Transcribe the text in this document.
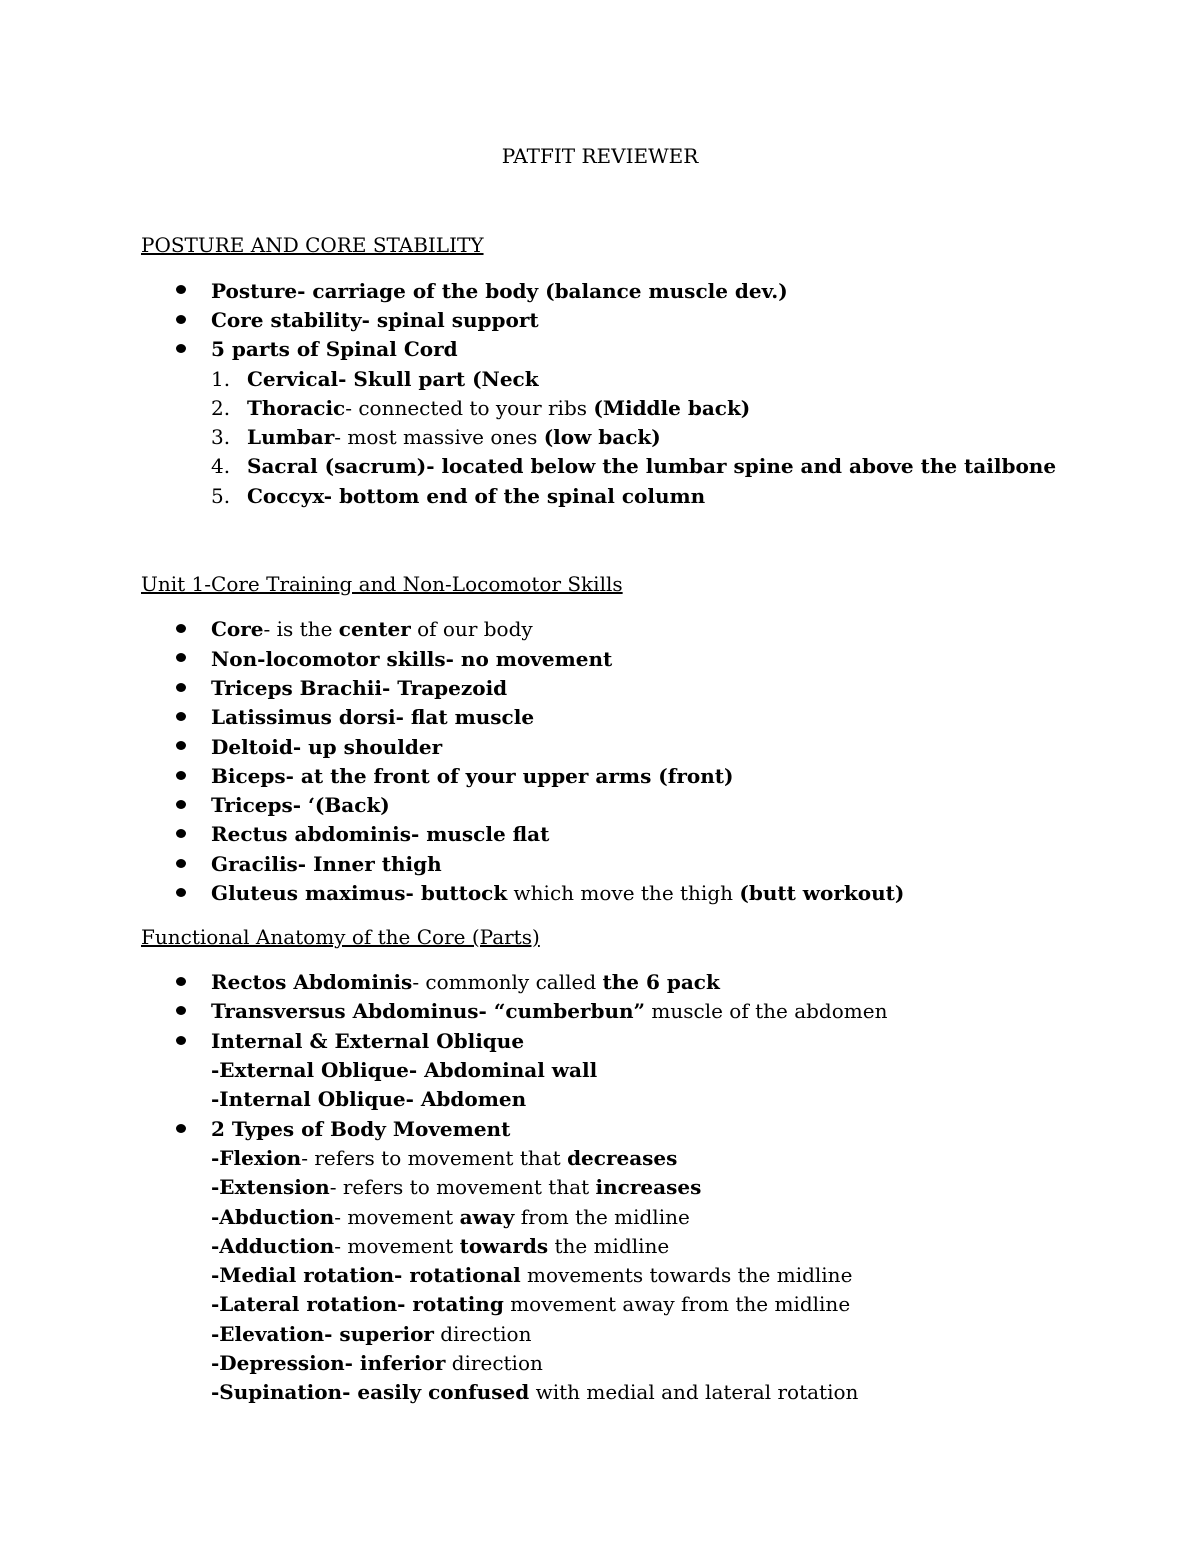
PATFIT REVIEWER
POSTURE AND CORE STABILITY
Posture- carriage of the body (balance muscle dev.)
Core stability- spinal support
5 parts of Spinal Cord
1. Cervical- Skull part (Neck
2. Thoracic- connected to your ribs (Middle back)
3. Lumbar- most massive ones (low back)
4. Sacral (sacrum)- located below the lumbar spine and above the tailbone
5. Coccyx- bottom end of the spinal column
Unit 1-Core Training and Non-Locomotor Skills
Core- is the center of our body
Non-locomotor skills- no movement
Triceps Brachii- Trapezoid
Latissimus dorsi- flat muscle
Deltoid- up shoulder
Biceps- at the front of your upper arms (front)
Triceps- ‘(Back)
Rectus abdominis- muscle flat
Gracilis- Inner thigh
Gluteus maximus- buttock which move the thigh (butt workout)
Functional Anatomy of the Core (Parts)
Rectos Abdominis- commonly called the 6 pack
Transversus Abdominus- “cumberbun” muscle of the abdomen
Internal & External Oblique
-External Oblique- Abdominal wall
-Internal Oblique- Abdomen
2 Types of Body Movement
-Flexion- refers to movement that decreases
-Extension- refers to movement that increases
-Abduction- movement away from the midline
-Adduction- movement towards the midline
-Medial rotation- rotational movements towards the midline
-Lateral rotation- rotating movement away from the midline
-Elevation- superior direction
-Depression- inferior direction
-Supination- easily confused with medial and lateral rotation
